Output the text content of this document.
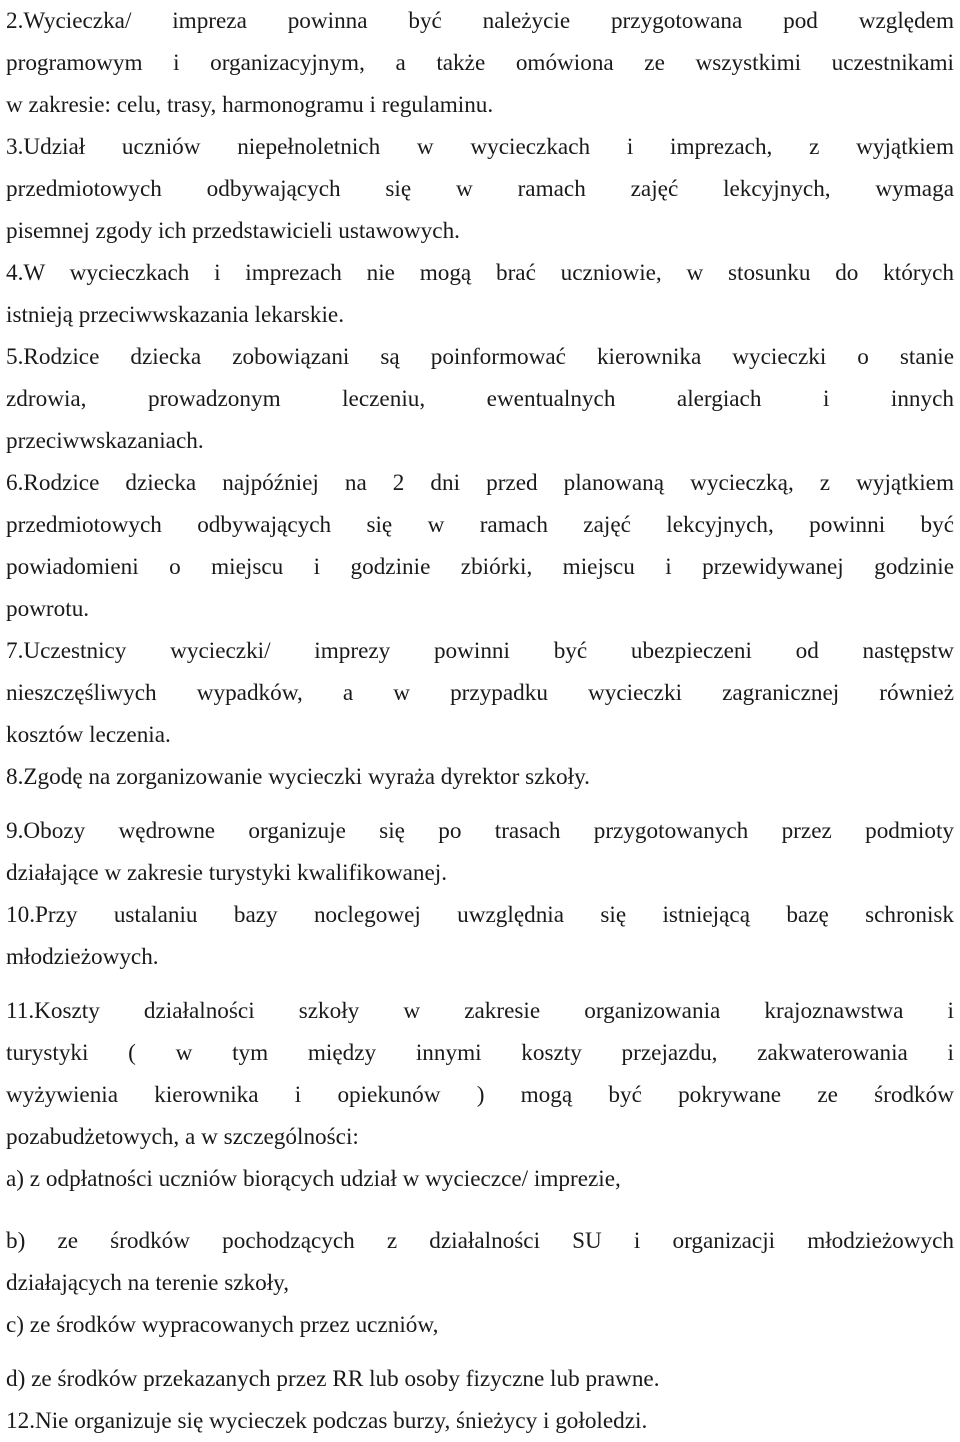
2.Wycieczka/ impreza powinna być należycie przygotowana pod względem
programowym i organizacyjnym, a także omówiona ze wszystkimi uczestnikami
w zakresie: celu, trasy, harmonogramu i regulaminu.

3.Udział uczniów niepełnoletnich w wycieczkach i imprezach, z wyjątkiem
przedmiotowych odbywających się w ramach zajęć lekcyjnych, wymaga
pisemnej zgody ich przedstawicieli ustawowych.

4.W wycieczkach i imprezach nie mogą brać uczniowie, w stosunku do których
istnieją przeciwwskazania lekarskie.

5.Rodzice dziecka zobowiązani są poinformować kierownika wycieczki o stanie
zdrowia, prowadzonym leczeniu, ewentualnych alergiach i innych
przeciwwskazaniach.

6.Rodzice dziecka najpóźniej na 2 dni przed planowaną wycieczką, z wyjątkiem
przedmiotowych odbywających się w ramach zajęć lekcyjnych, powinni być
powiadomieni o miejscu i godzinie zbiórki, miejscu i przewidywanej godzinie
powrotu.

7.Uczestnicy wycieczki/ imprezy powinni być ubezpieczeni od następstw
nieszczęśliwych wypadków, a w przypadku wycieczki zagranicznej również
kosztów leczenia.

8.Zgodę na zorganizowanie wycieczki wyraża dyrektor szkoły.

9.Obozy wędrowne organizuje się po trasach przygotowanych przez podmioty
działające w zakresie turystyki kwalifikowanej.

10.Przy ustalaniu bazy noclegowej uwzględnia się istniejącą bazę schronisk
młodzieżowych.

11.Koszty działalności szkoły w zakresie organizowania krajoznawstwa i
turystyki ( w tym między innymi koszty przejazdu, zakwaterowania i
wyżywienia kierownika i opiekunów ) mogą być pokrywane ze środków
pozabudżetowych, a w szczególności:

a) z odpłatności uczniów biorących udział w wycieczce/ imprezie,

b) ze środków pochodzących z działalności SU i organizacji młodzieżowych
działających na terenie szkoły,

c) ze środków wypracowanych przez uczniów,

d) ze środków przekazanych przez RR lub osoby fizyczne lub prawne.

12.Nie organizuje się wycieczek podczas burzy, śnieżycy i gołoledzi.
